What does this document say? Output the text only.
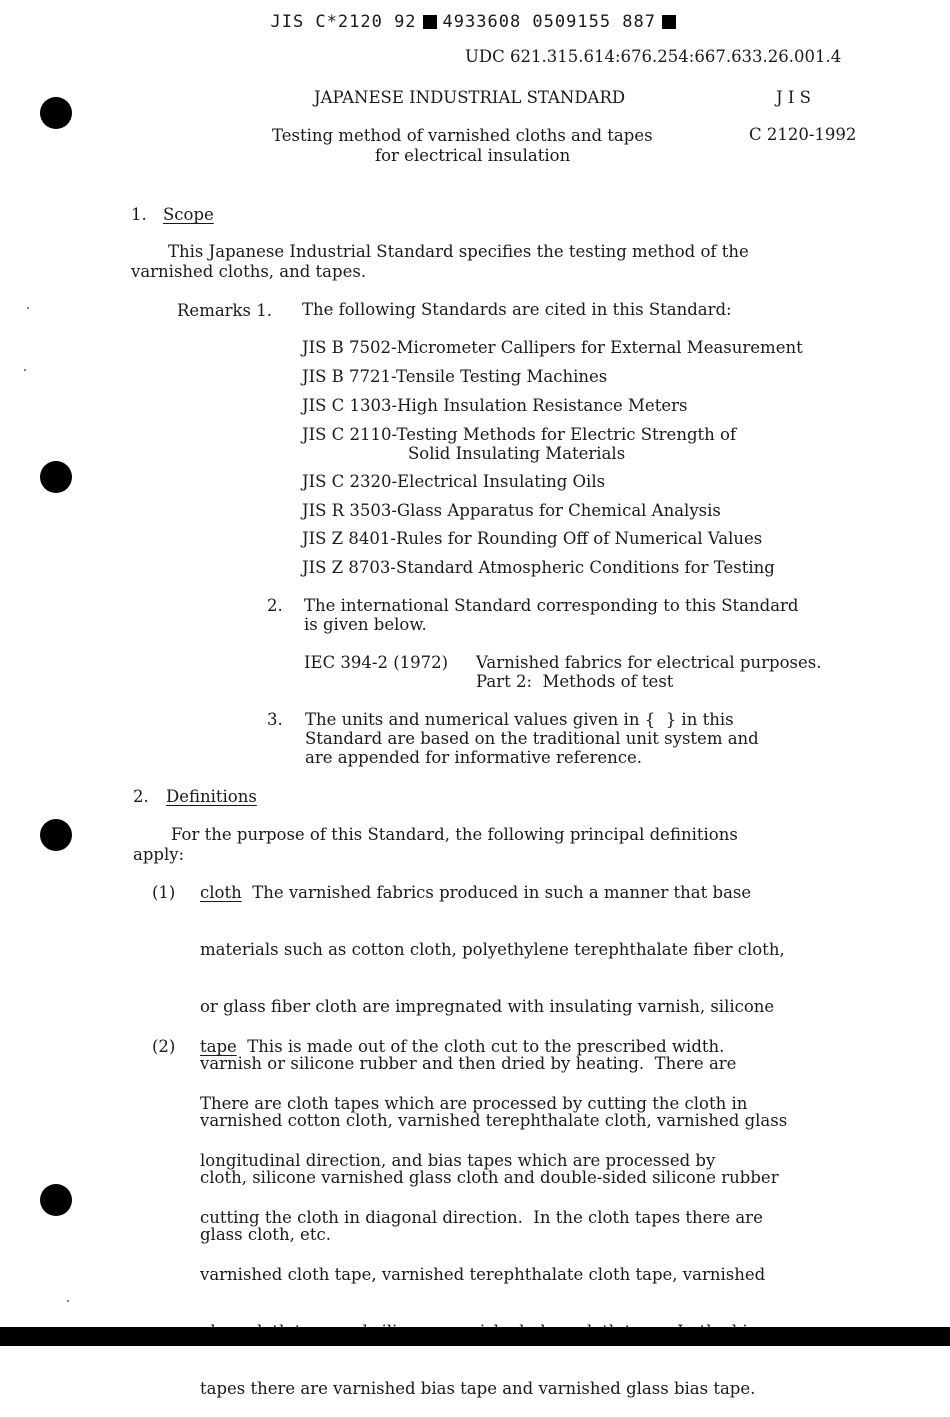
JIS C*2120 92 4933608 0509155 887

UDC 621.315.614:676.254:667.633.26.001.4
JAPANESE INDUSTRIAL STANDARD	J I S
Testing method of varnished cloths and tapes	C 2120-1992
for electrical insulation
1. Scope
This Japanese Industrial Standard specifies the testing method of the
varnished cloths, and tapes.
Remarks 1. The following Standards are cited in this Standard:
JIS B 7502-Micrometer Callipers for External Measurement
JIS B 7721-Tensile Testing Machines
JIS C 1303-High Insulation Resistance Meters
JIS C 2110-Testing Methods for Electric Strength of
Solid Insulating Materials
JIS C 2320-Electrical Insulating Oils
JIS R 3503-Glass Apparatus for Chemical Analysis
JIS Z 8401-Rules for Rounding Off of Numerical Values
JIS Z 8703-Standard Atmospheric Conditions for Testing
2. The international Standard corresponding to this Standard
is given below.
IEC 394-2 (1972) Varnished fabrics for electrical purposes.
Part 2:  Methods of test
3. The units and numerical values given in {  } in this
Standard are based on the traditional unit system and
are appended for informative reference.
2. Definitions
For the purpose of this Standard, the following principal definitions
apply:
(1) cloth  The varnished fabrics produced in such a manner that base

materials such as cotton cloth, polyethylene terephthalate fiber cloth,

or glass fiber cloth are impregnated with insulating varnish, silicone

varnish or silicone rubber and then dried by heating.  There are

varnished cotton cloth, varnished terephthalate cloth, varnished glass

cloth, silicone varnished glass cloth and double-sided silicone rubber

glass cloth, etc.

(2) tape  This is made out of the cloth cut to the prescribed width.

There are cloth tapes which are processed by cutting the cloth in

longitudinal direction, and bias tapes which are processed by

cutting the cloth in diagonal direction.  In the cloth tapes there are

varnished cloth tape, varnished terephthalate cloth tape, varnished

tapes there are varnished bias tape and varnished glass bias tape.
